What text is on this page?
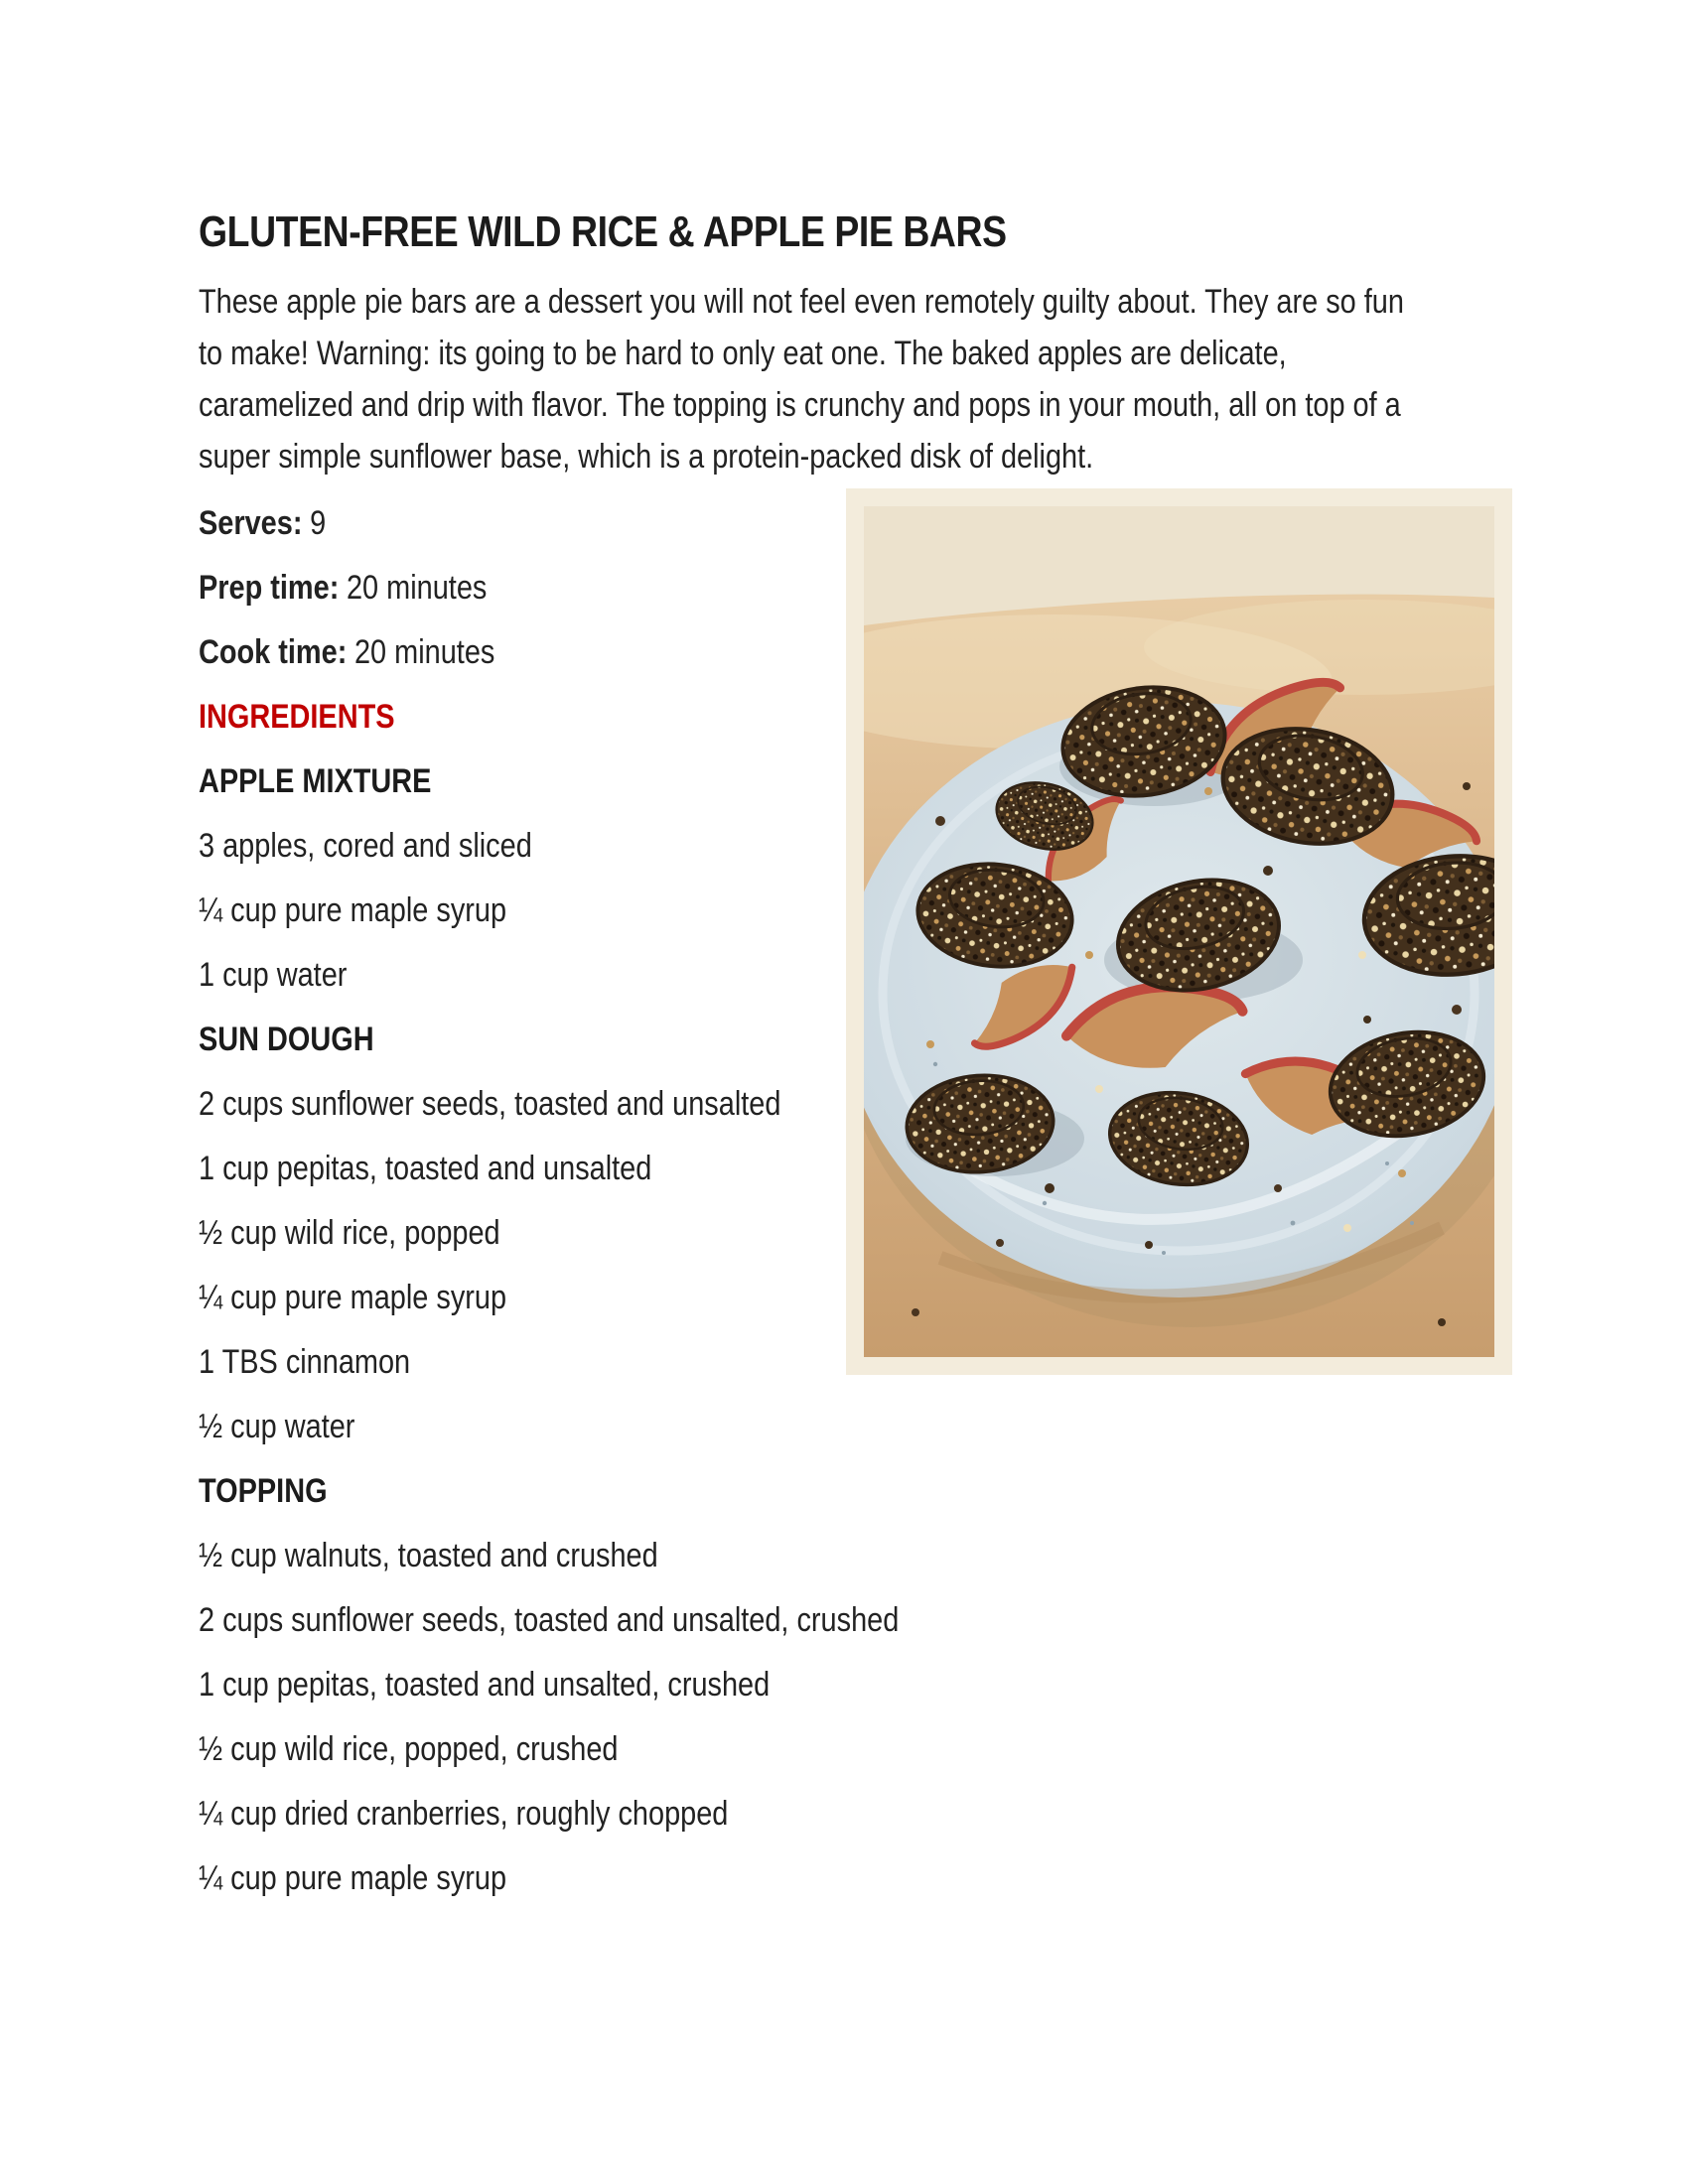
GLUTEN-FREE WILD RICE & APPLE PIE BARS
These apple pie bars are a dessert you will not feel even remotely guilty about. They are so fun
to make! Warning: its going to be hard to only eat one. The baked apples are delicate,
caramelized and drip with flavor. The topping is crunchy and pops in your mouth, all on top of a
super simple sunflower base, which is a protein-packed disk of delight.

Serves: 9

Prep time: 20 minutes

Cook time: 20 minutes

INGREDIENTS

APPLE MIXTURE

3 apples, cored and sliced

¼ cup pure maple syrup

1 cup water

SUN DOUGH

2 cups sunflower seeds, toasted and unsalted

1 cup pepitas, toasted and unsalted

½ cup wild rice, popped

¼ cup pure maple syrup

1 TBS cinnamon

½ cup water

TOPPING

½ cup walnuts, toasted and crushed

2 cups sunflower seeds, toasted and unsalted, crushed

1 cup pepitas, toasted and unsalted, crushed

½ cup wild rice, popped, crushed

¼ cup dried cranberries, roughly chopped

¼ cup pure maple syrup
